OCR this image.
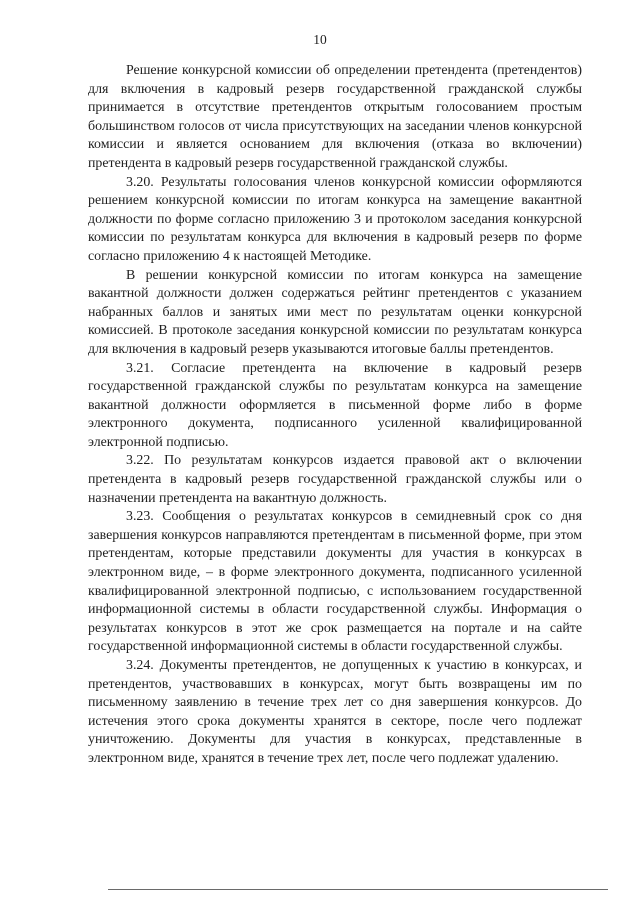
10

Решение конкурсной комиссии об определении претендента (претендентов) для включения в кадровый резерв государственной гражданской службы принимается в отсутствие претендентов открытым голосованием простым большинством голосов от числа присутствующих на заседании членов конкурсной комиссии и является основанием для включения (отказа во включении) претендента в кадровый резерв государственной гражданской службы.

3.20. Результаты голосования членов конкурсной комиссии оформляются решением конкурсной комиссии по итогам конкурса на замещение вакантной должности по форме согласно приложению 3 и протоколом заседания конкурсной комиссии по результатам конкурса для включения в кадровый резерв по форме согласно приложению 4 к настоящей Методике.

В решении конкурсной комиссии по итогам конкурса на замещение вакантной должности должен содержаться рейтинг претендентов с указанием набранных баллов и занятых ими мест по результатам оценки конкурсной комиссией. В протоколе заседания конкурсной комиссии по результатам конкурса для включения в кадровый резерв указываются итоговые баллы претендентов.

3.21. Согласие претендента на включение в кадровый резерв государственной гражданской службы по результатам конкурса на замещение вакантной должности оформляется в письменной форме либо в форме электронного документа, подписанного усиленной квалифицированной электронной подписью.

3.22. По результатам конкурсов издается правовой акт о включении претендента в кадровый резерв государственной гражданской службы или о назначении претендента на вакантную должность.

3.23. Сообщения о результатах конкурсов в семидневный срок со дня завершения конкурсов направляются претендентам в письменной форме, при этом претендентам, которые представили документы для участия в конкурсах в электронном виде, – в форме электронного документа, подписанного усиленной квалифицированной электронной подписью, с использованием государственной информационной системы в области государственной службы. Информация о результатах конкурсов в этот же срок размещается на портале и на сайте государственной информационной системы в области государственной службы.

3.24. Документы претендентов, не допущенных к участию в конкурсах, и претендентов, участвовавших в конкурсах, могут быть возвращены им по письменному заявлению в течение трех лет со дня завершения конкурсов. До истечения этого срока документы хранятся в секторе, после чего подлежат уничтожению. Документы для участия в конкурсах, представленные в электронном виде, хранятся в течение трех лет, после чего подлежат удалению.
